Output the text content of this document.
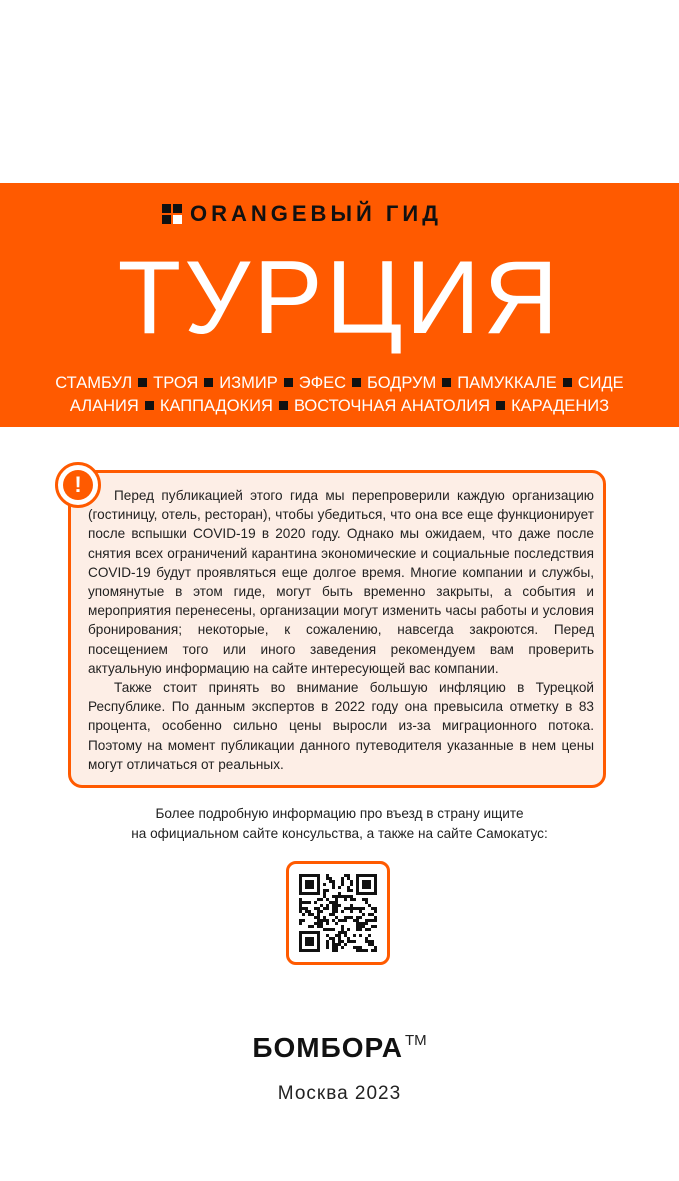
ORANGEВЫЙ ГИД
ТУРЦИЯ
СТАМБУЛ ТРОЯ ИЗМИР ЭФЕС БОДРУМ ПАМУККАЛЕ СИДЕ
АЛАНИЯ КАППАДОКИЯ ВОСТОЧНАЯ АНАТОЛИЯ КАРАДЕНИЗ
!	Перед публикацией этого гида мы перепроверили каждую организацию (гостиницу, отель, ресторан), чтобы убедиться, что она все еще функционирует после вспышки COVID-19 в 2020 году. Однако мы ожидаем, что даже после снятия всех ограничений карантина экономические и социальные последствия COVID-19 будут проявляться еще долгое время. Многие компании и службы, упомянутые в этом гиде, могут быть временно закрыты, а события и мероприятия перенесены, организации могут изменить часы работы и условия бронирования; некоторые, к сожалению, навсегда закроются. Перед посещением того или иного заведения рекомендуем вам проверить актуальную информацию на сайте интересующей вас компании.

Также стоит принять во внимание большую инфляцию в Турецкой Республике. По данным экспертов в 2022 году она превысила отметку в 83 процента, особенно сильно цены выросли из-за миграционного потока. Поэтому на момент публикации данного путеводителя указанные в нем цены могут отличаться от реальных.

Более подробную информацию про въезд в страну ищите
на официальном сайте консульства, а также на сайте Самокатус:
БОМБОРА TM
Москва 2023
